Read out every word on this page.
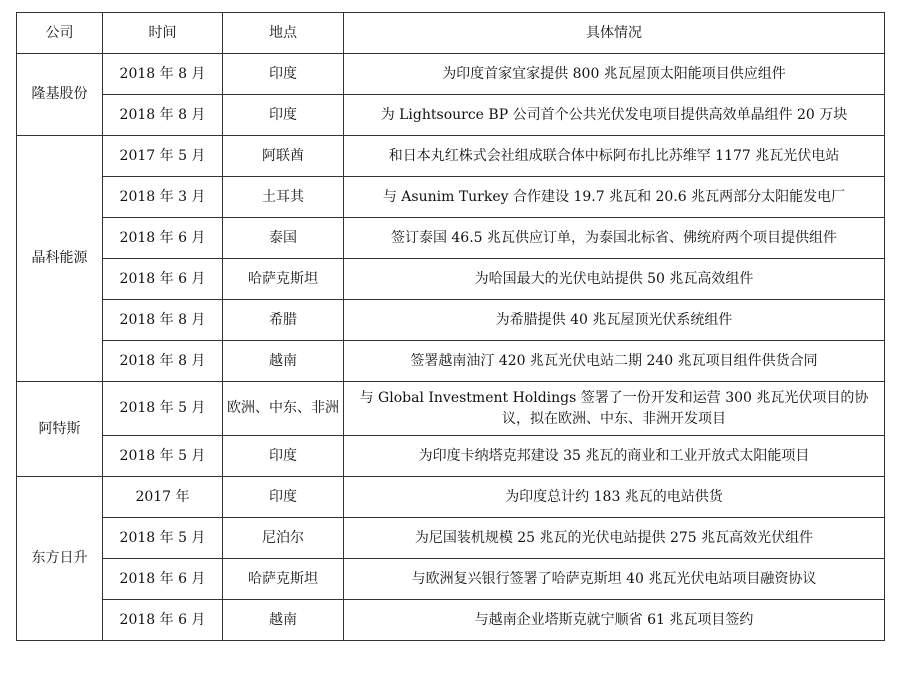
公司	时间	地点	具体情况
隆基股份	2018 年 8 月	印度	为印度首家宜家提供 800 兆瓦屋顶太阳能项目供应组件
	2018 年 8 月	印度	为 Lightsource BP 公司首个公共光伏发电项目提供高效单晶组件 20 万块
晶科能源	2017 年 5 月	阿联酋	和日本丸红株式会社组成联合体中标阿布扎比苏维罕 1177 兆瓦光伏电站
	2018 年 3 月	土耳其	与 Asunim Turkey 合作建设 19.7 兆瓦和 20.6 兆瓦两部分太阳能发电厂
	2018 年 6 月	泰国	签订泰国 46.5 兆瓦供应订单，为泰国北标省、佛统府两个项目提供组件
	2018 年 6 月	哈萨克斯坦	为哈国最大的光伏电站提供 50 兆瓦高效组件
	2018 年 8 月	希腊	为希腊提供 40 兆瓦屋顶光伏系统组件
	2018 年 8 月	越南	签署越南油汀 420 兆瓦光伏电站二期 240 兆瓦项目组件供货合同
阿特斯	2018 年 5 月	欧洲、中东、非洲	与 Global Investment Holdings 签署了一份开发和运营 300 兆瓦光伏项目的协议，拟在欧洲、中东、非洲开发项目
	2018 年 5 月	印度	为印度卡纳塔克邦建设 35 兆瓦的商业和工业开放式太阳能项目
东方日升	2017 年	印度	为印度总计约 183 兆瓦的电站供货
	2018 年 5 月	尼泊尔	为尼国装机规模 25 兆瓦的光伏电站提供 275 兆瓦高效光伏组件
	2018 年 6 月	哈萨克斯坦	与欧洲复兴银行签署了哈萨克斯坦 40 兆瓦光伏电站项目融资协议
	2018 年 6 月	越南	与越南企业塔斯克就宁顺省 61 兆瓦项目签约
